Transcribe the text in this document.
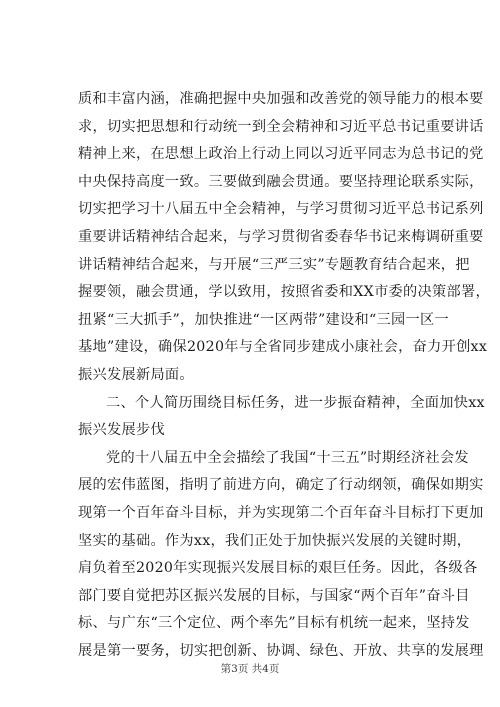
质和丰富内涵，准确把握中央加强和改善党的领导能力的根本要
求，切实把思想和行动统一到全会精神和习近平总书记重要讲话
精神上来，在思想上政治上行动上同以习近平同志为总书记的党
中央保持高度一致。三要做到融会贯通。要坚持理论联系实际，
切实把学习十八届五中全会精神，与学习贯彻习近平总书记系列
重要讲话精神结合起来，与学习贯彻省委春华书记来梅调研重要
讲话精神结合起来，与开展“三严三实”专题教育结合起来，把
握要领，融会贯通，学以致用，按照省委和XX市委的决策部署，
扭紧“三大抓手”，加快推进“一区两带”建设和“三园一区一
基地”建设，确保2020年与全省同步建成小康社会，奋力开创xx
振兴发展新局面。
二、个人简历围绕目标任务，进一步振奋精神，全面加快xx
振兴发展步伐
党的十八届五中全会描绘了我国“十三五”时期经济社会发
展的宏伟蓝图，指明了前进方向，确定了行动纲领，确保如期实
现第一个百年奋斗目标，并为实现第二个百年奋斗目标打下更加
坚实的基础。作为xx，我们正处于加快振兴发展的关键时期，
肩负着至2020年实现振兴发展目标的艰巨任务。因此，各级各
部门要自觉把苏区振兴发展的目标，与国家“两个百年”奋斗目
标、与广东“三个定位、两个率先”目标有机统一起来，坚持发
展是第一要务，切实把创新、协调、绿色、开放、共享的发展理
第3页 共4页
